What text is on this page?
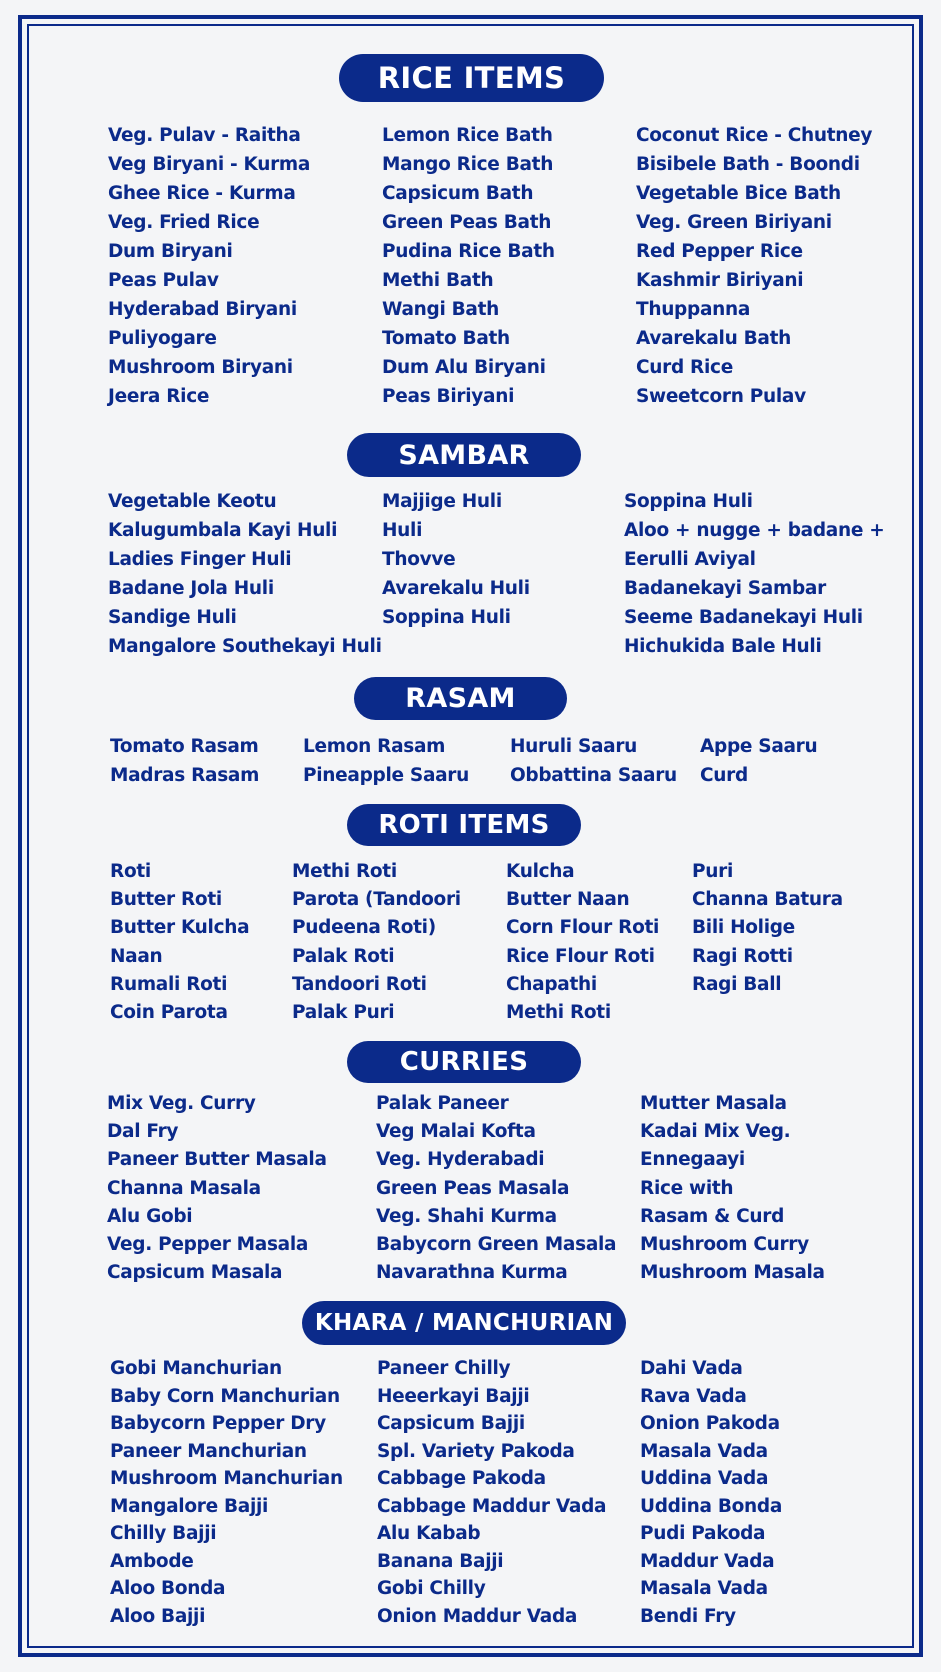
RICE ITEMS
Veg. Pulav - Raitha
Veg Biryani - Kurma
Ghee Rice - Kurma
Veg. Fried Rice
Dum Biryani
Peas Pulav
Hyderabad Biryani
Puliyogare
Mushroom Biryani
Jeera Rice
Lemon Rice Bath
Mango Rice Bath
Capsicum Bath
Green Peas Bath
Pudina Rice Bath
Methi Bath
Wangi Bath
Tomato Bath
Dum Alu Biryani
Peas Biriyani
Coconut Rice - Chutney
Bisibele Bath - Boondi
Vegetable Bice Bath
Veg. Green Biriyani
Red Pepper Rice
Kashmir Biriyani
Thuppanna
Avarekalu Bath
Curd Rice
Sweetcorn Pulav
SAMBAR
Vegetable Keotu
Kalugumbala Kayi Huli
Ladies Finger Huli
Badane Jola Huli
Sandige Huli
Mangalore Southekayi Huli
Majjige Huli
Huli
Thovve
Avarekalu Huli
Soppina Huli
Soppina Huli
Aloo + nugge + badane +
Eerulli Aviyal
Badanekayi Sambar
Seeme Badanekayi Huli
Hichukida Bale Huli
RASAM
Tomato Rasam
Madras Rasam
Lemon Rasam
Pineapple Saaru
Huruli Saaru
Obbattina Saaru
Appe Saaru
Curd
ROTI ITEMS
Roti
Butter Roti
Butter Kulcha
Naan
Rumali Roti
Coin Parota
Methi Roti
Parota (Tandoori
Pudeena Roti)
Palak Roti
Tandoori Roti
Palak Puri
Kulcha
Butter Naan
Corn Flour Roti
Rice Flour Roti
Chapathi
Methi Roti
Puri
Channa Batura
Bili Holige
Ragi Rotti
Ragi Ball
CURRIES
Mix Veg. Curry
Dal Fry
Paneer Butter Masala
Channa Masala
Alu Gobi
Veg. Pepper Masala
Capsicum Masala
Palak Paneer
Veg Malai Kofta
Veg. Hyderabadi
Green Peas Masala
Veg. Shahi Kurma
Babycorn Green Masala
Navarathna Kurma
Mutter Masala
Kadai Mix Veg.
Ennegaayi
Rice with
Rasam & Curd
Mushroom Curry
Mushroom Masala
KHARA / MANCHURIAN
Gobi Manchurian
Baby Corn Manchurian
Babycorn Pepper Dry
Paneer Manchurian
Mushroom Manchurian
Mangalore Bajji
Chilly Bajji
Ambode
Aloo Bonda
Aloo Bajji
Paneer Chilly
Heeerkayi Bajji
Capsicum Bajji
Spl. Variety Pakoda
Cabbage Pakoda
Cabbage Maddur Vada
Alu Kabab
Banana Bajji
Gobi Chilly
Onion Maddur Vada
Dahi Vada
Rava Vada
Onion Pakoda
Masala Vada
Uddina Vada
Uddina Bonda
Pudi Pakoda
Maddur Vada
Masala Vada
Bendi Fry
